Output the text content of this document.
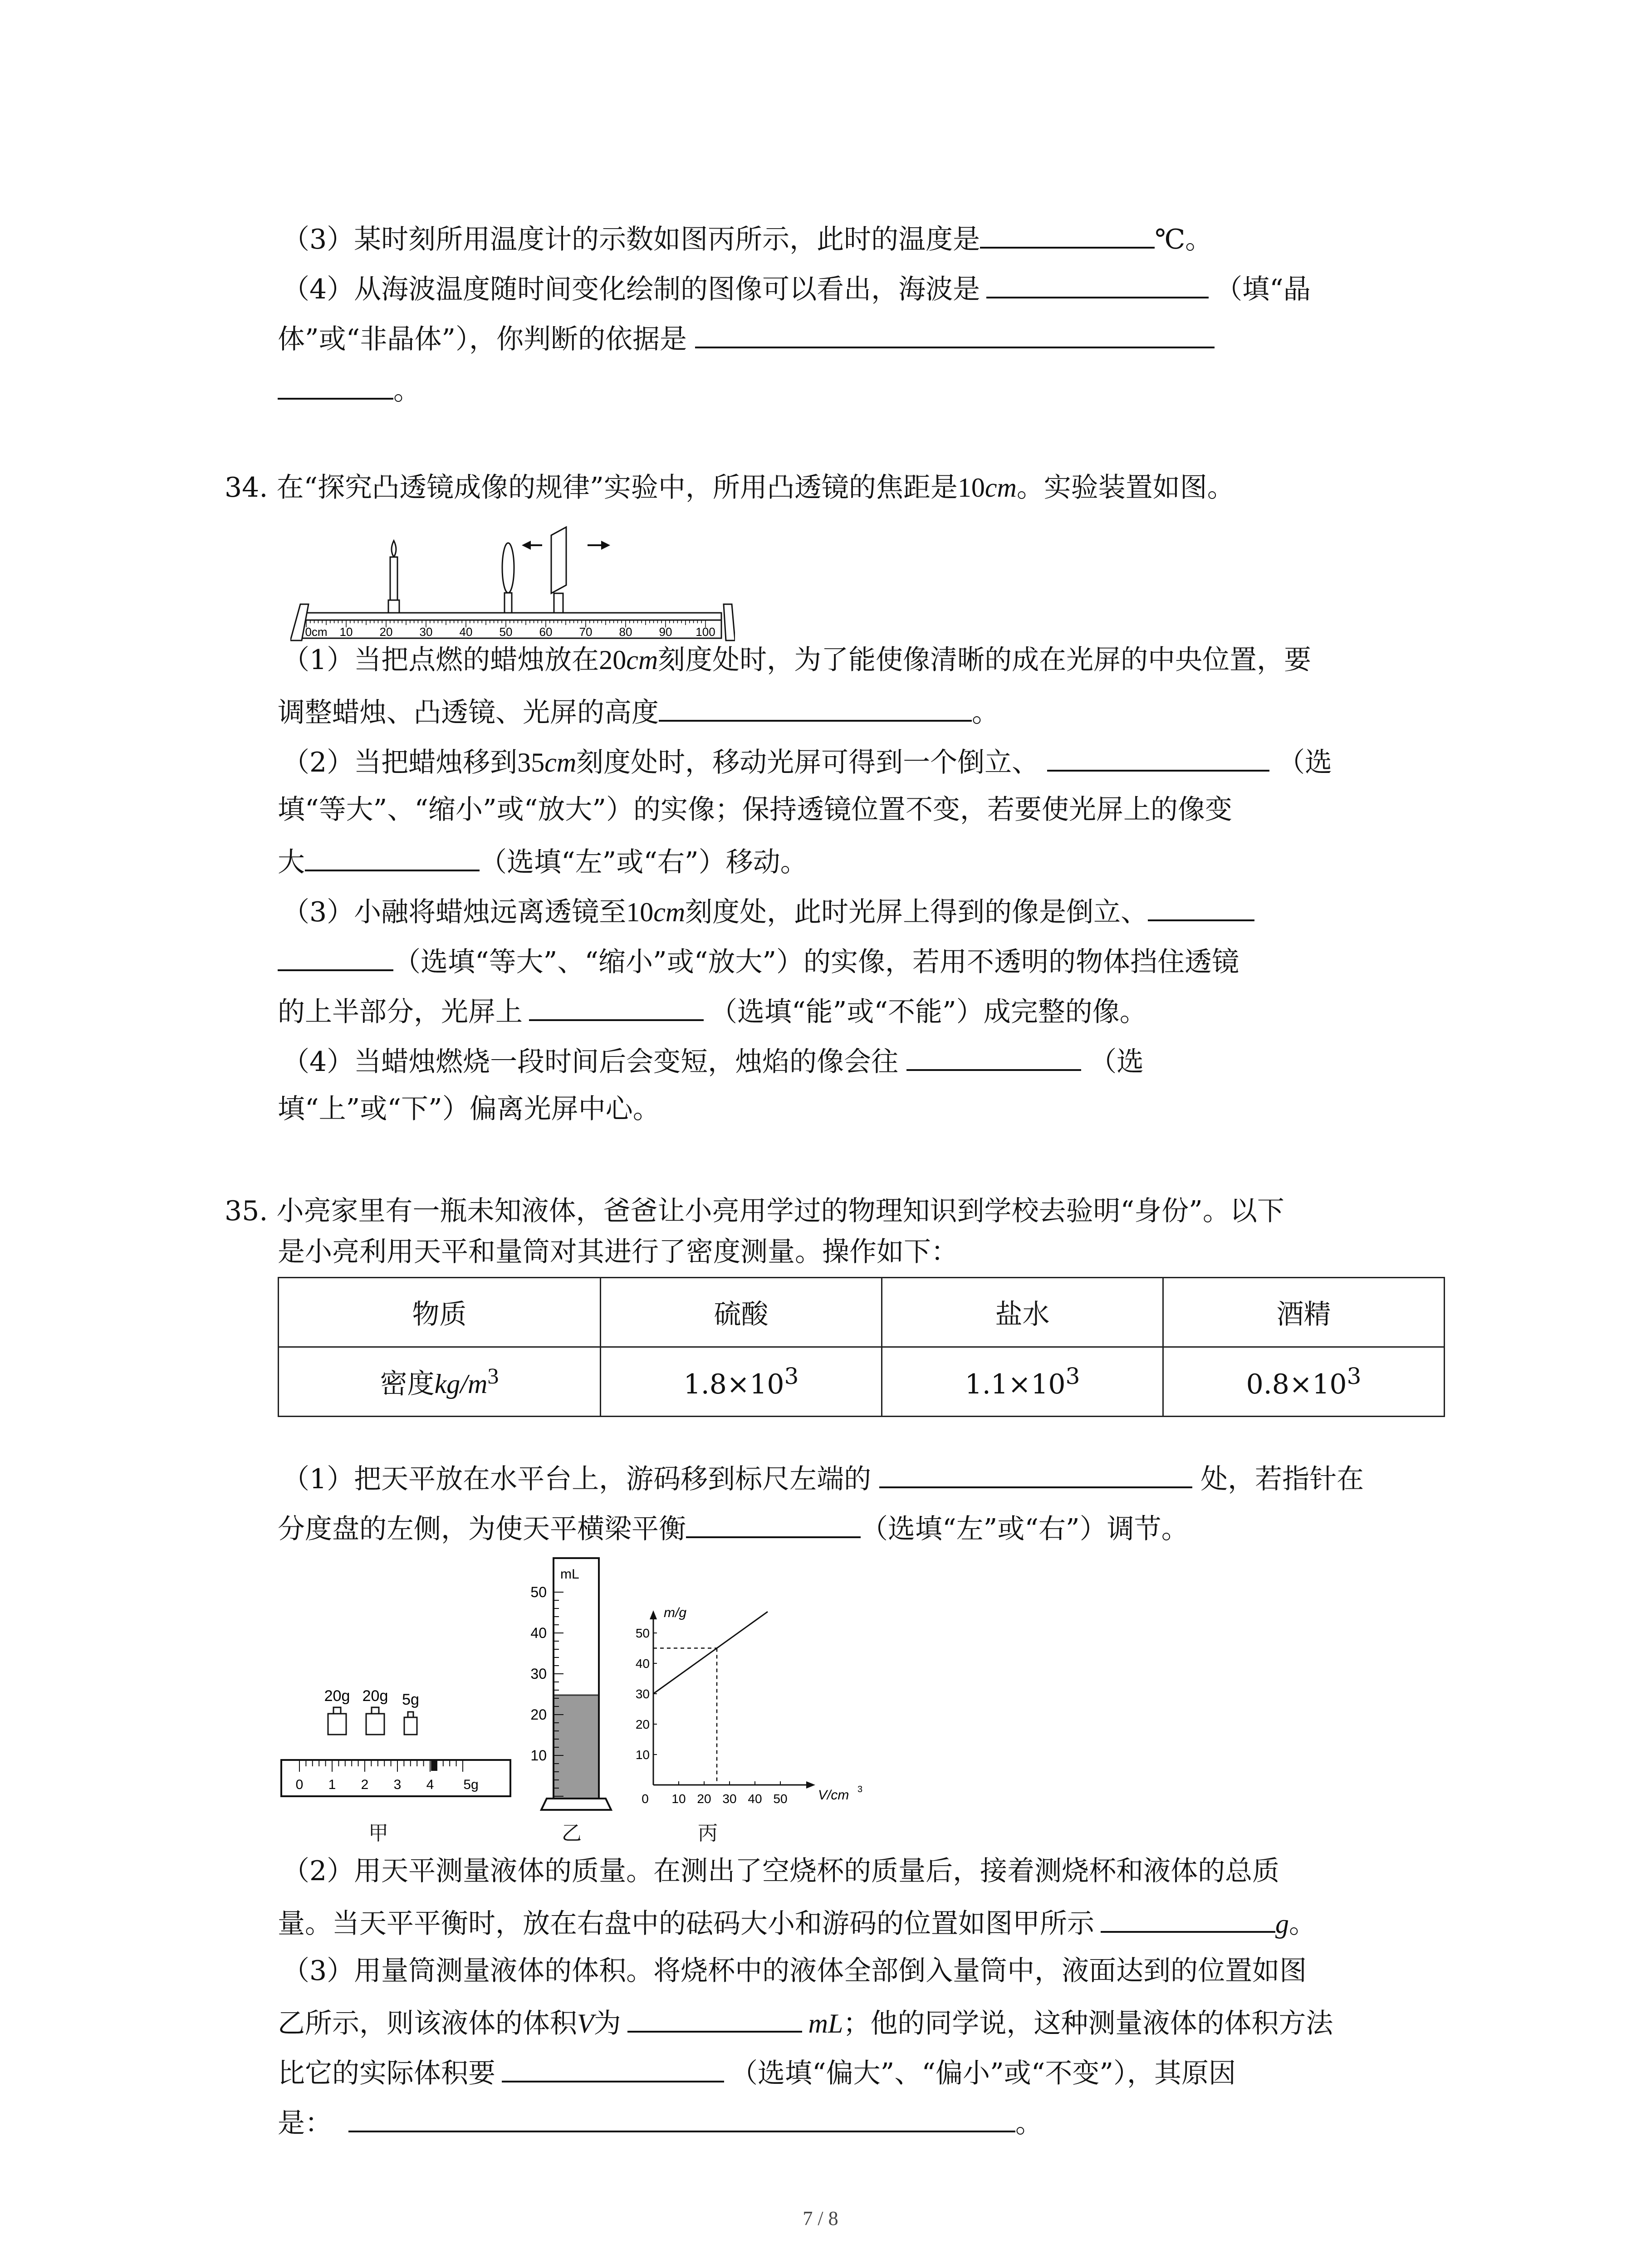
（3）某时刻所用温度计的示数如图丙所示，此时的温度是	℃。
（4）从海波温度随时间变化绘制的图像可以看出，海波是	（填“晶
体”或“非晶体”），你判断的依据是
。
34. 在“探究凸透镜成像的规律”实验中，所用凸透镜的焦距是10cm。实验装置如图。
0cm 10 20 30 40 50 60 70 80 90 100
（1）当把点燃的蜡烛放在20cm刻度处时，为了能使像清晰的成在光屏的中央位置，要
调整蜡烛、凸透镜、光屏的高度	。
（2）当把蜡烛移到35cm刻度处时，移动光屏可得到一个倒立、	（选
填“等大”、“缩小”或“放大”）的实像；保持透镜位置不变，若要使光屏上的像变
大	（选填“左”或“右”）移动。
（3）小融将蜡烛远离透镜至10cm刻度处，此时光屏上得到的像是倒立、
（选填“等大”、“缩小”或“放大”）的实像，若用不透明的物体挡住透镜
的上半部分，光屏上	（选填“能”或“不能”）成完整的像。
（4）当蜡烛燃烧一段时间后会变短，烛焰的像会往	（选
填“上”或“下”）偏离光屏中心。
35. 小亮家里有一瓶未知液体，爸爸让小亮用学过的物理知识到学校去验明“身份”。以下
是小亮利用天平和量筒对其进行了密度测量。操作如下：
物质	硫酸	盐水	酒精
密度$kg/m^3$	$1.8\times 10^3$	$1.1\times 10^3$	$0.8\times 10^3$
（1）把天平放在水平台上，游码移到标尺左端的	处，若指针在
分度盘的左侧，为使天平横梁平衡	（选填“左”或“右”）调节。
20g 20g 5g
0 1 2 3 4 5g
mL
10
20
30
40
50
m/g
V/cm 3
10
20
30
40
50
0 10 20 30 40 50
甲	乙	丙
（2）用天平测量液体的质量。在测出了空烧杯的质量后，接着测烧杯和液体的总质
量。当天平平衡时，放在右盘中的砝码大小和游码的位置如图甲所示	g。
（3）用量筒测量液体的体积。将烧杯中的液体全部倒入量筒中，液面达到的位置如图
乙所示，则该液体的体积V为	mL；他的同学说，这种测量液体的体积方法
比它的实际体积要	（选填“偏大”、“偏小”或“不变”），其原因
是：	。
7 / 8
